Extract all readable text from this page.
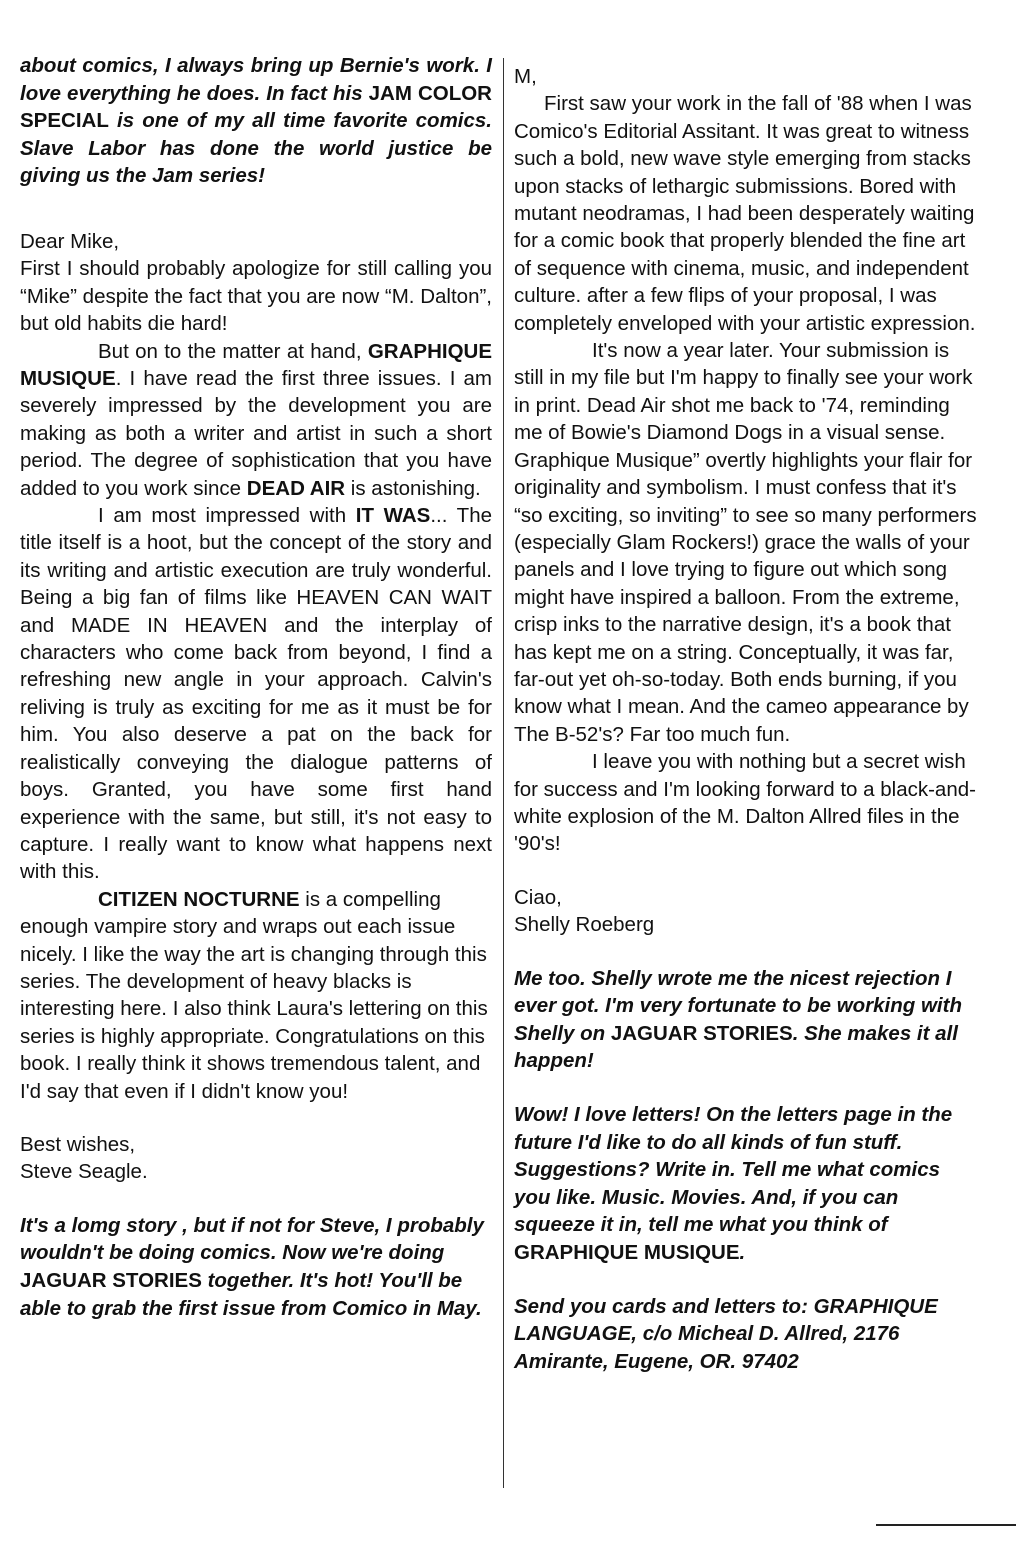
about comics, I always bring up Bernie's work. I love everything he does. In fact his JAM COLOR SPECIAL is one of my all time favorite comics. Slave Labor has done the world justice be giving us the Jam series!

Dear Mike,

First I should probably apologize for still calling you “Mike” despite the fact that you are now “M. Dalton”, but old habits die hard!

But on to the matter at hand, GRAPHIQUE MUSIQUE. I have read the first three issues. I am severely impressed by the development you are making as both a writer and artist in such a short period. The degree of sophistication that you have added to you work since DEAD AIR is astonishing.

I am most impressed with IT WAS... The title itself is a hoot, but the concept of the story and its writing and artistic execution are truly wonderful. Being a big fan of films like HEAVEN CAN WAIT and MADE IN HEAVEN and the interplay of characters who come back from beyond, I find a refreshing new angle in your approach. Calvin's reliving is truly as exciting for me as it must be for him. You also deserve a pat on the back for realistically conveying the dialogue patterns of boys. Granted, you have some first hand experience with the same, but still, it's not easy to capture. I really want to know what happens next with this.

CITIZEN NOCTURNE is a compelling enough vampire story and wraps out each issue nicely. I like the way the art is changing through this series. The development of heavy blacks is interesting here. I also think Laura's lettering on this series is highly appropriate. Congratulations on this book. I really think it shows tremendous talent, and I'd say that even if I didn't know you!

Best wishes,

Steve Seagle.

It's a lomg story , but if not for Steve, I probably wouldn't be doing comics. Now we're doing JAGUAR STORIES together. It's hot! You'll be able to grab the first issue from Comico in May.

M,

First saw your work in the fall of '88 when I was Comico's Editorial Assitant. It was great to witness such a bold, new wave style emerging from stacks upon stacks of lethargic submissions. Bored with mutant neodramas, I had been desperately waiting for a comic book that properly blended the fine art of sequence with cinema, music, and independent culture. after a few flips of your proposal, I was completely enveloped with your artistic expression.

It's now a year later. Your submission is still in my file but I'm happy to finally see your work in print. Dead Air shot me back to '74, reminding me of Bowie's Diamond Dogs in a visual sense. Graphique Musique” overtly highlights your flair for originality and symbolism. I must confess that it's “so exciting, so inviting” to see so many performers (especially Glam Rockers!) grace the walls of your panels and I love trying to figure out which song might have inspired a balloon. From the extreme, crisp inks to the narrative design, it's a book that has kept me on a string. Conceptually, it was far, far-out yet oh-so-today. Both ends burning, if you know what I mean. And the cameo appearance by The B-52's? Far too much fun.

I leave you with nothing but a secret wish for success and I'm looking forward to a black-and-white explosion of the M. Dalton Allred files in the '90's!

Ciao,

Shelly Roeberg

Me too. Shelly wrote me the nicest rejection I ever got. I'm very fortunate to be working with Shelly on JAGUAR STORIES. She makes it all happen!

Wow! I love letters! On the letters page in the future I'd like to do all kinds of fun stuff. Suggestions? Write in. Tell me what comics you like. Music. Movies. And, if you can squeeze it in, tell me what you think of GRAPHIQUE MUSIQUE.

Send you cards and letters to: GRAPHIQUE LANGUAGE, c/o Micheal D. Allred, 2176 Amirante, Eugene, OR. 97402
